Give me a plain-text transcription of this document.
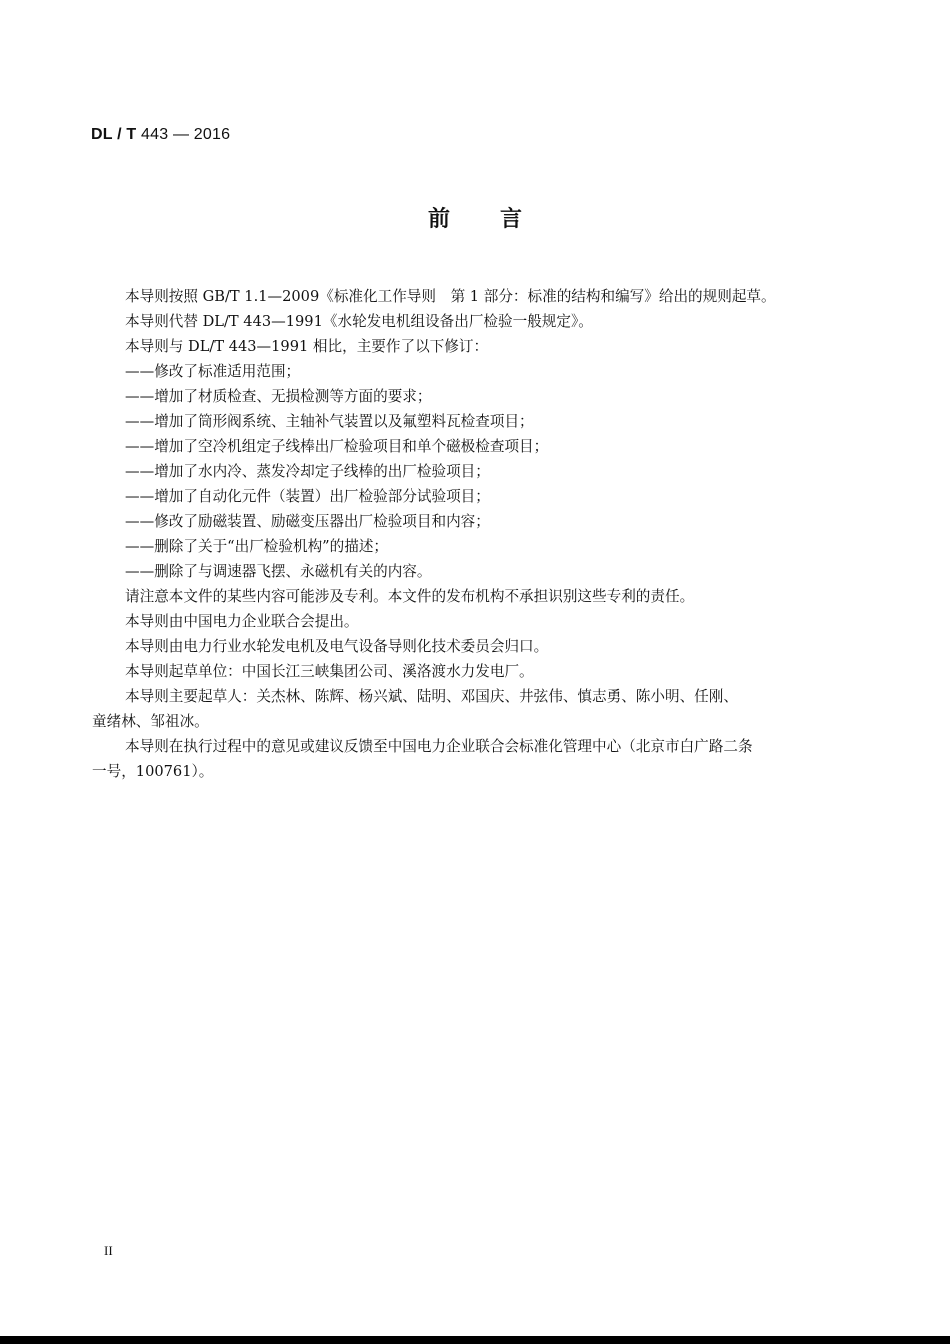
DL / T 443 — 2016
前言

本导则按照 GB/T 1.1—2009《标准化工作导则　第 1 部分：标准的结构和编写》给出的规则起草。

本导则代替 DL/T 443—1991《水轮发电机组设备出厂检验一般规定》。

本导则与 DL/T 443—1991 相比，主要作了以下修订：

——修改了标准适用范围；

——增加了材质检查、无损检测等方面的要求；

——增加了筒形阀系统、主轴补气装置以及氟塑料瓦检查项目；

——增加了空冷机组定子线棒出厂检验项目和单个磁极检查项目；

——增加了水内冷、蒸发冷却定子线棒的出厂检验项目；

——增加了自动化元件（装置）出厂检验部分试验项目；

——修改了励磁装置、励磁变压器出厂检验项目和内容；

——删除了关于“出厂检验机构”的描述；

——删除了与调速器飞摆、永磁机有关的内容。

请注意本文件的某些内容可能涉及专利。本文件的发布机构不承担识别这些专利的责任。

本导则由中国电力企业联合会提出。

本导则由电力行业水轮发电机及电气设备导则化技术委员会归口。

本导则起草单位：中国长江三峡集团公司、溪洛渡水力发电厂。

本导则主要起草人：关杰林、陈辉、杨兴斌、陆明、邓国庆、井弦伟、慎志勇、陈小明、任刚、

童绪林、邹祖冰。

本导则在执行过程中的意见或建议反馈至中国电力企业联合会标准化管理中心（北京市白广路二条

一号，100761）。

II
